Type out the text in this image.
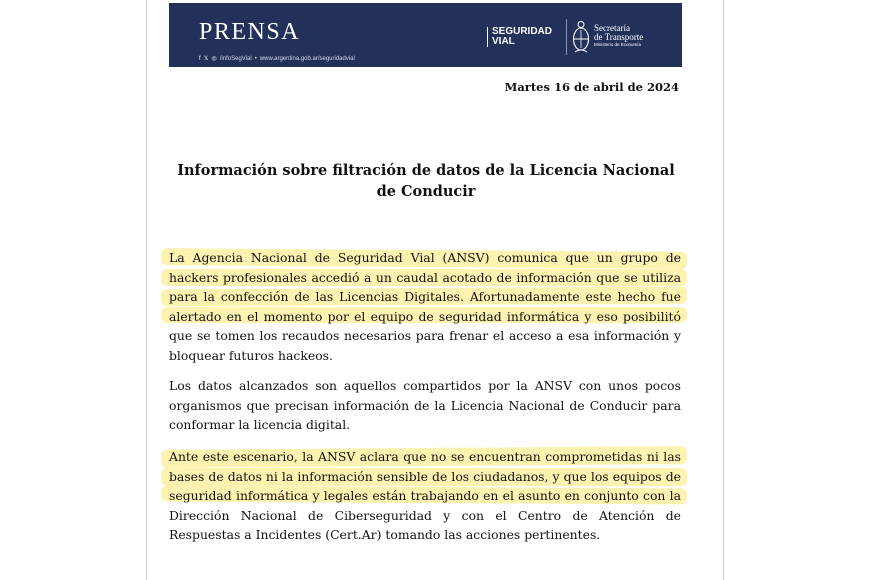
PRENSA
f 𝕏 ◎ /infoSegVial • www.argentina.gob.ar/seguridadvial
SEGURIDAD
VIAL
Secretaría
de Transporte
Ministerio de Economía
Martes 16 de abril de 2024
Información sobre filtración de datos de la Licencia Nacional de Conducir
La Agencia Nacional de Seguridad Vial (ANSV) comunica que un grupo de hackers profesionales accedió a un caudal acotado de información que se utiliza para la confección de las Licencias Digitales. Afortunadamente este hecho fue alertado en el momento por el equipo de seguridad informática y eso posibilitó que se tomen los recaudos necesarios para frenar el acceso a esa información y bloquear futuros hackeos.
Los datos alcanzados son aquellos compartidos por la ANSV con unos pocos organismos que precisan información de la Licencia Nacional de Conducir para conformar la licencia digital.
Ante este escenario, la ANSV aclara que no se encuentran comprometidas ni las bases de datos ni la información sensible de los ciudadanos, y que los equipos de seguridad informática y legales están trabajando en el asunto en conjunto con la Dirección Nacional de Ciberseguridad y con el Centro de Atención de Respuestas a Incidentes (Cert.Ar) tomando las acciones pertinentes.
